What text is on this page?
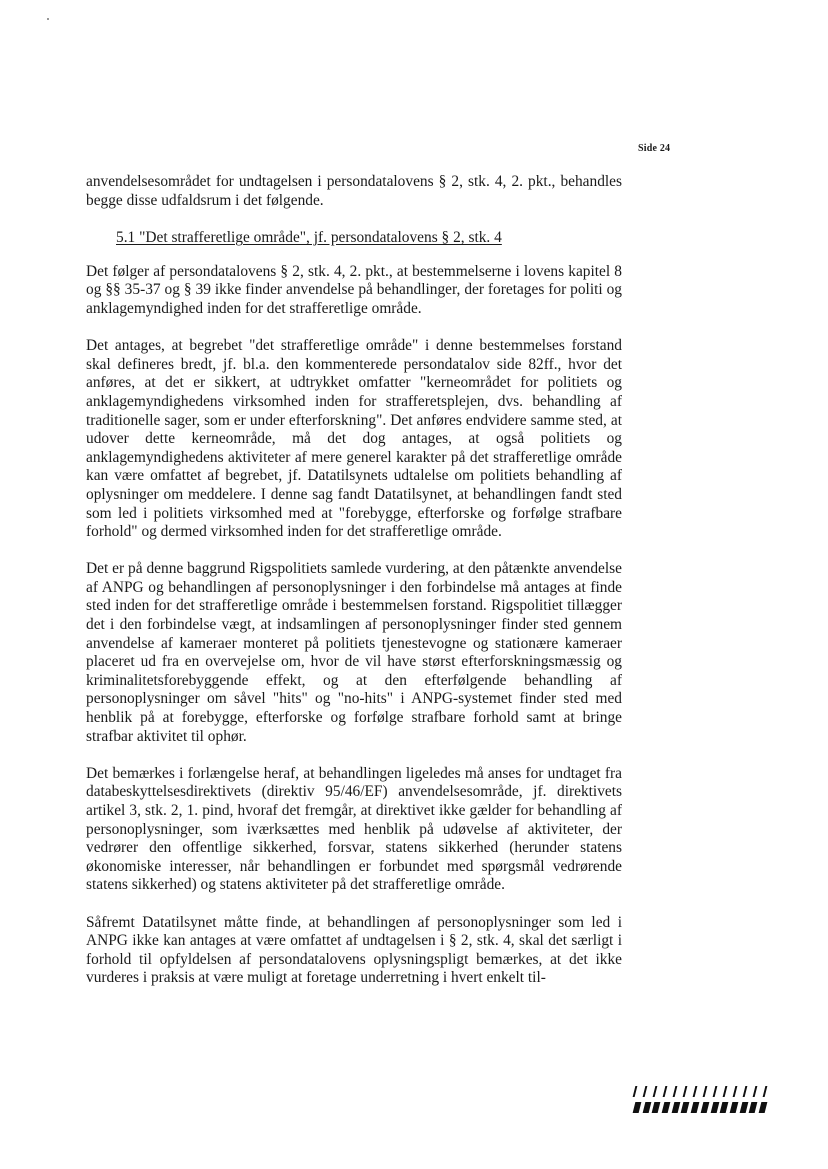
Side 24

anvendelsesområdet for undtagelsen i persondatalovens § 2, stk. 4, 2. pkt., behandles begge disse udfaldsrum i det følgende.

5.1 "Det strafferetlige område", jf. persondatalovens § 2, stk. 4

Det følger af persondatalovens § 2, stk. 4, 2. pkt., at bestemmelserne i lovens kapitel 8 og §§ 35-37 og § 39 ikke finder anvendelse på behandlinger, der foretages for politi og anklagemyndighed inden for det strafferetlige område.

Det antages, at begrebet "det strafferetlige område" i denne bestemmelses forstand skal defineres bredt, jf. bl.a. den kommenterede persondatalov side 82ff., hvor det anføres, at det er sikkert, at udtrykket omfatter "kerneområdet for politiets og anklagemyndighedens virksomhed inden for strafferetsplejen, dvs. behandling af traditionelle sager, som er under efterforskning". Det anføres endvidere samme sted, at udover dette kerneområde, må det dog antages, at også politiets og anklagemyndighedens aktiviteter af mere generel karakter på det strafferetlige område kan være omfattet af begrebet, jf. Datatilsynets udtalelse om politiets behandling af oplysninger om meddelere. I denne sag fandt Datatilsynet, at behandlingen fandt sted som led i politiets virksomhed med at "forebygge, efterforske og forfølge strafbare forhold" og dermed virksomhed inden for det strafferetlige område.

Det er på denne baggrund Rigspolitiets samlede vurdering, at den påtænkte anvendelse af ANPG og behandlingen af personoplysninger i den forbindelse må antages at finde sted inden for det strafferetlige område i bestemmelsen forstand. Rigspolitiet tillægger det i den forbindelse vægt, at indsamlingen af personoplysninger finder sted gennem anvendelse af kameraer monteret på politiets tjenestevogne og stationære kameraer placeret ud fra en overvejelse om, hvor de vil have størst efterforskningsmæssig og kriminalitetsforebyggende effekt, og at den efterfølgende behandling af personoplysninger om såvel "hits" og "no-hits" i ANPG-systemet finder sted med henblik på at forebygge, efterforske og forfølge strafbare forhold samt at bringe strafbar aktivitet til ophør.

Det bemærkes i forlængelse heraf, at behandlingen ligeledes må anses for undtaget fra databeskyttelsesdirektivets (direktiv 95/46/EF) anvendelsesområde, jf. direktivets artikel 3, stk. 2, 1. pind, hvoraf det fremgår, at direktivet ikke gælder for behandling af personoplysninger, som iværksættes med henblik på udøvelse af aktiviteter, der vedrører den offentlige sikkerhed, forsvar, statens sikkerhed (herunder statens økonomiske interesser, når behandlingen er forbundet med spørgsmål vedrørende statens sikkerhed) og statens aktiviteter på det strafferetlige område.

Såfremt Datatilsynet måtte finde, at behandlingen af personoplysninger som led i ANPG ikke kan antages at være omfattet af undtagelsen i § 2, stk. 4, skal det særligt i forhold til opfyldelsen af persondatalovens oplysningspligt bemærkes, at det ikke vurderes i praksis at være muligt at foretage underretning i hvert enkelt til-
